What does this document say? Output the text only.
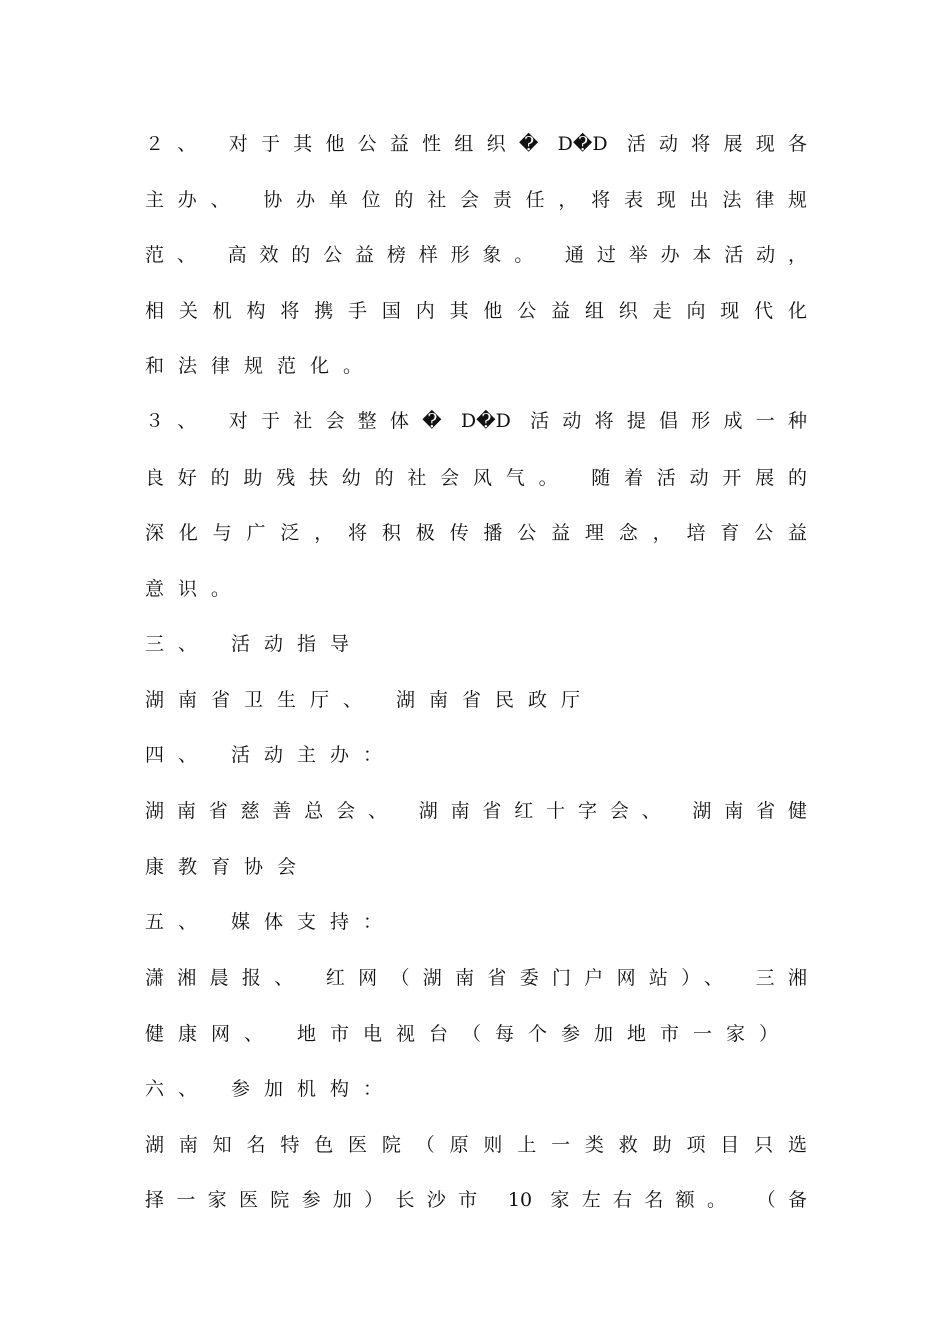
２、 对于其他公益性组织� D�D 活动将展现各
主办、 协办单位的社会责任，将表现出法律规
范、 高效的公益榜样形象。 通过举办本活动，
相关机构将携手国内其他公益组织走向现代化
和法律规范化。
３、 对于社会整体� D�D 活动将提倡形成一种
良好的助残扶幼的社会风气。 随着活动开展的
深化与广泛，将积极传播公益理念，培育公益
意识。
三、 活动指导
湖南省卫生厅、 湖南省民政厅
四、 活动主办：
湖南省慈善总会、 湖南省红十字会、 湖南省健
康教育协会
五、 媒体支持：
潇湘晨报、 红网（湖南省委门户网站）、 三湘
健康网、 地市电视台（每个参加地市一家）
六、 参加机构：
湖南知名特色医院（原则上一类救助项目只选
择一家医院参加）长沙市 10 家左右名额。 （备
